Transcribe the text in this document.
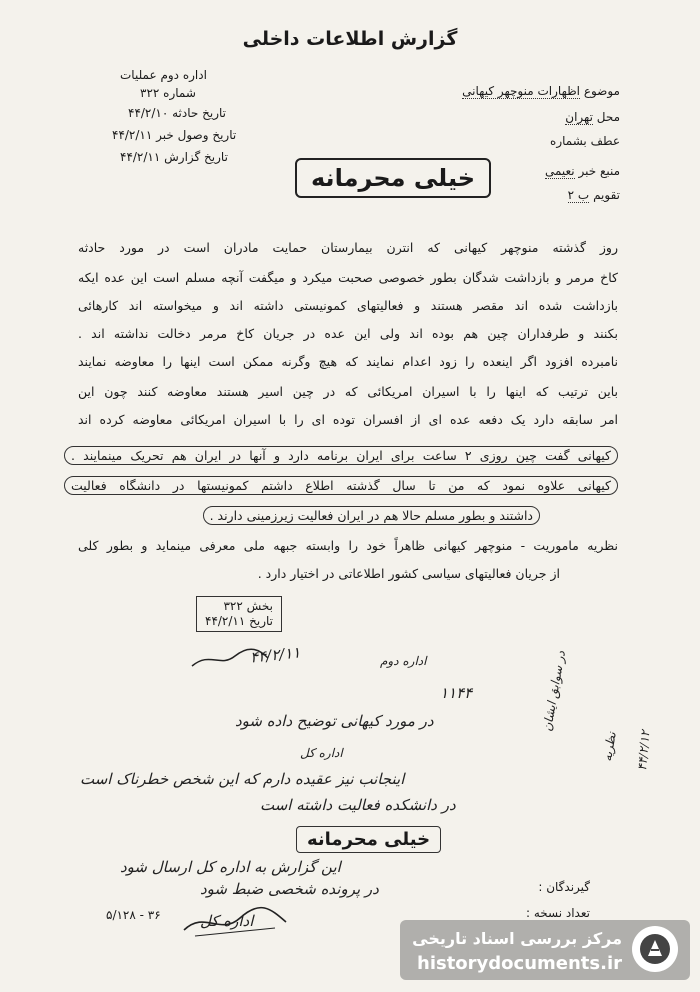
گزارش اطلاعات داخلی
اداره دوم عملیات
شماره ۳۲۲
تاریخ حادثه ۴۴/۲/۱۰
تاریخ وصول خبر ۴۴/۲/۱۱
تاریخ گزارش ۴۴/۲/۱۱
موضوع اظهارات منوچهر کیهانی
محل تهران
عطف بشماره
منبع خبر نعیمی
تقویم ب ۲
خیلی محرمانه
روز گذشته منوچهر کیهانی که انترن بیمارستان حمایت مادران است در مورد حادثه
کاخ مرمر و بازداشت شدگان بطور خصوصی صحبت میکرد و میگفت آنچه مسلم است این عده ایکه
بازداشت شده اند مقصر هستند و فعالیتهای کمونیستی داشته اند و میخواسته اند کارهائی
بکنند و طرفداران چین هم بوده اند ولی این عده در جریان کاخ مرمر دخالت نداشته اند .
نامبرده افزود اگر اینعده را زود اعدام نمایند که هیچ وگرنه ممکن است اینها را معاوضه نمایند
باین ترتیب که اینها را با اسیران امریکائی که در چین اسیر هستند معاوضه کنند چون این
امر سابقه دارد یک دفعه عده ای از افسران توده ای را با اسیران امریکائی معاوضه کرده اند
کیهانی گفت چین روزی ۲ ساعت برای ایران برنامه دارد و آنها در ایران هم تحریک مینمایند .
کیهانی علاوه نمود که من تا سال گذشته اطلاع داشتم کمونیستها در دانشگاه فعالیت
داشتند و بطور مسلم حالا هم در ایران فعالیت زیرزمینی دارند .
نظریه ماموریت - منوچهر کیهانی ظاهراً خود را وابسته جبهه ملی معرفی مینماید و بطور کلی
از جریان فعالیتهای سیاسی کشور اطلاعاتی در اختیار دارد .
بخش ۳۲۲
تاریخ ۴۴/۲/۱۱
۴۴/۲/۱۱	اداره دوم
۱۱۴۴
در مورد کیهانی توضیح داده شود
اداره کل
اینجانب نیز عقیده دارم که این شخص خطرناک است
در دانشکده فعالیت داشته است
در سوابق ایشان
نظریه ۴۴/۲/۱۲
خیلی محرمانه
این گزارش به اداره کل ارسال شود
در پرونده شخصی ضبط شود
اداره کل
گیرندگان :
تعداد نسخه :
۳۶ - ۵/۱۲۸
مرکز بررسی اسناد تاریخی
historydocuments.ir
